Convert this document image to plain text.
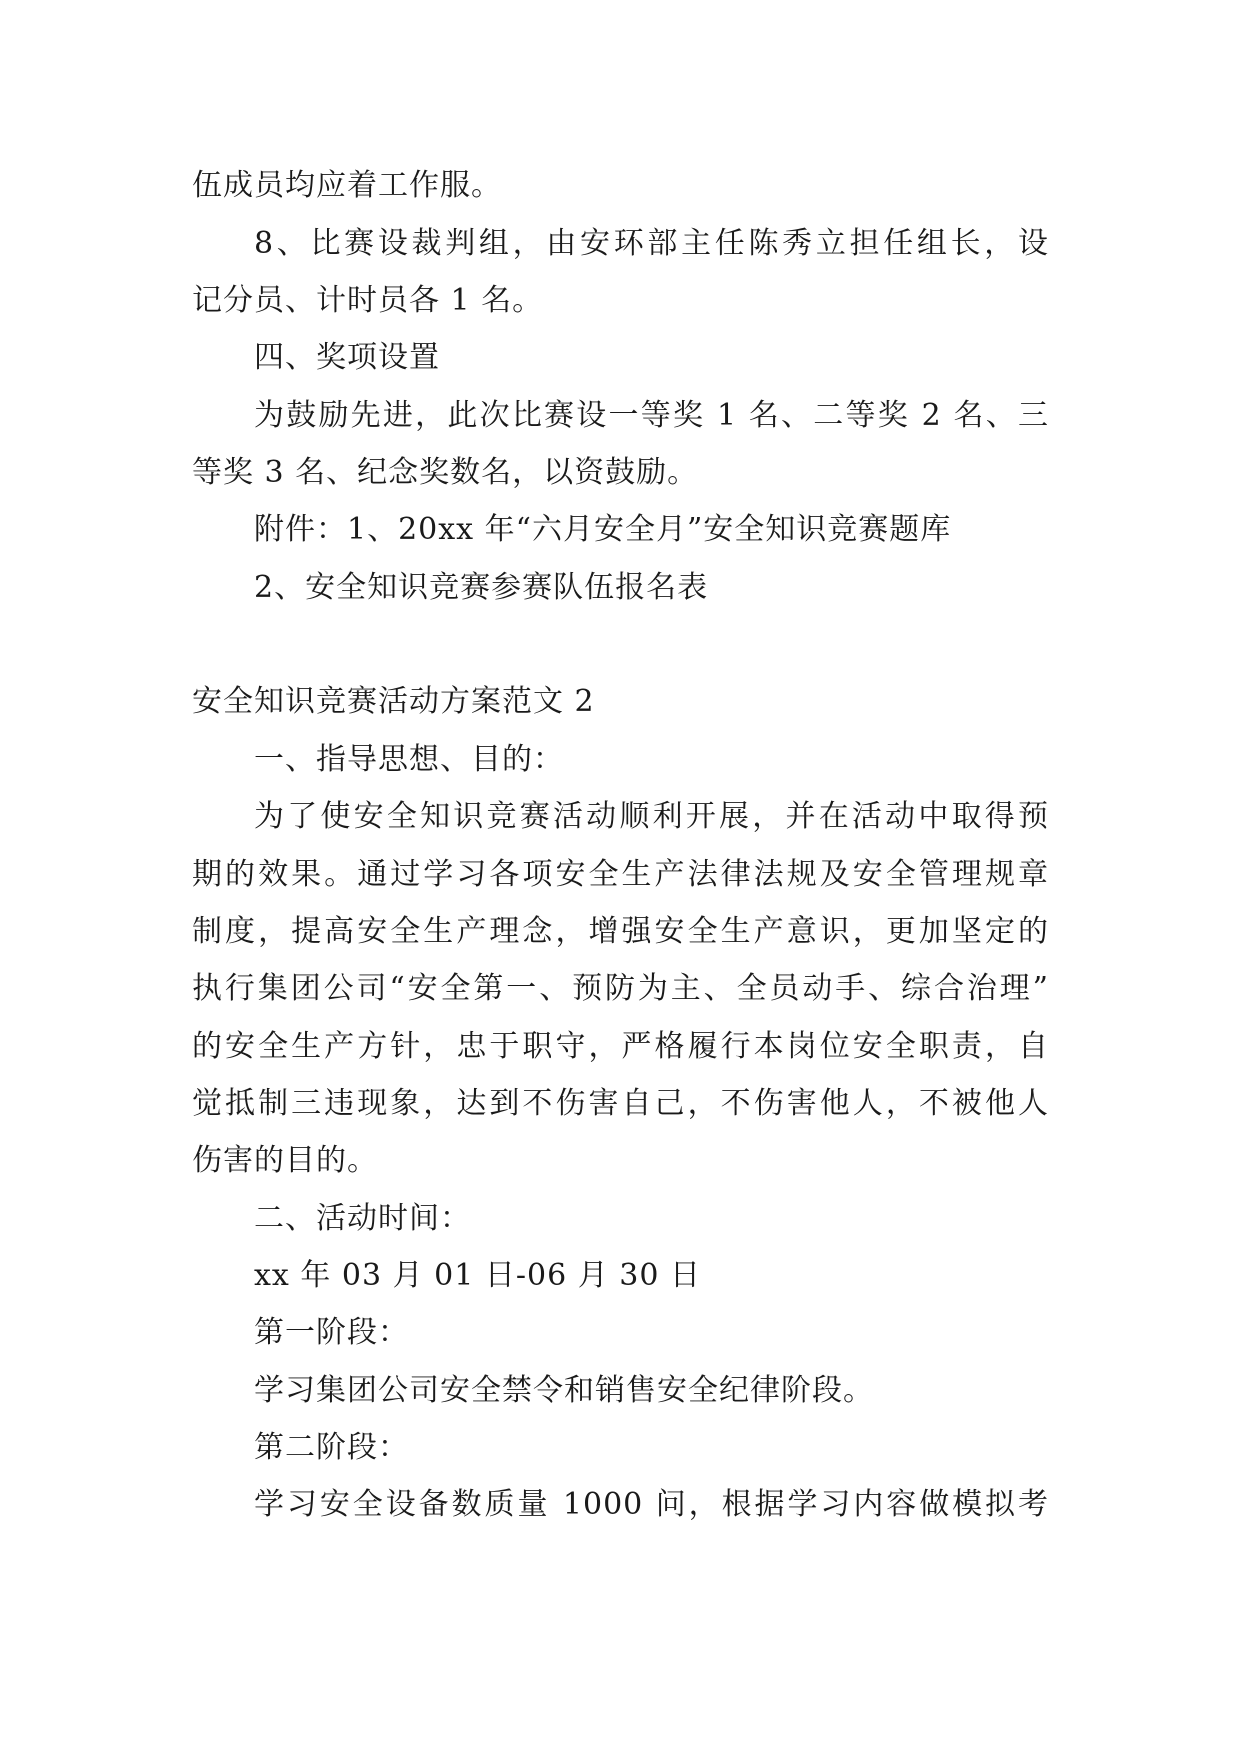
伍成员均应着工作服。
8、比赛设裁判组，由安环部主任陈秀立担任组长，设
记分员、计时员各 1 名。
四、奖项设置
为鼓励先进，此次比赛设一等奖 1 名、二等奖 2 名、三
等奖 3 名、纪念奖数名，以资鼓励。
附件：1、20xx 年“六月安全月”安全知识竞赛题库
2、安全知识竞赛参赛队伍报名表
安全知识竞赛活动方案范文 2
一、指导思想、目的：
为了使安全知识竞赛活动顺利开展，并在活动中取得预
期的效果。通过学习各项安全生产法律法规及安全管理规章
制度，提高安全生产理念，增强安全生产意识，更加坚定的
执行集团公司“安全第一、预防为主、全员动手、综合治理”
的安全生产方针，忠于职守，严格履行本岗位安全职责，自
觉抵制三违现象，达到不伤害自己，不伤害他人，不被他人
伤害的目的。
二、活动时间：
xx 年 03 月 01 日-06 月 30 日
第一阶段：
学习集团公司安全禁令和销售安全纪律阶段。
第二阶段：
学习安全设备数质量 1000 问，根据学习内容做模拟考
